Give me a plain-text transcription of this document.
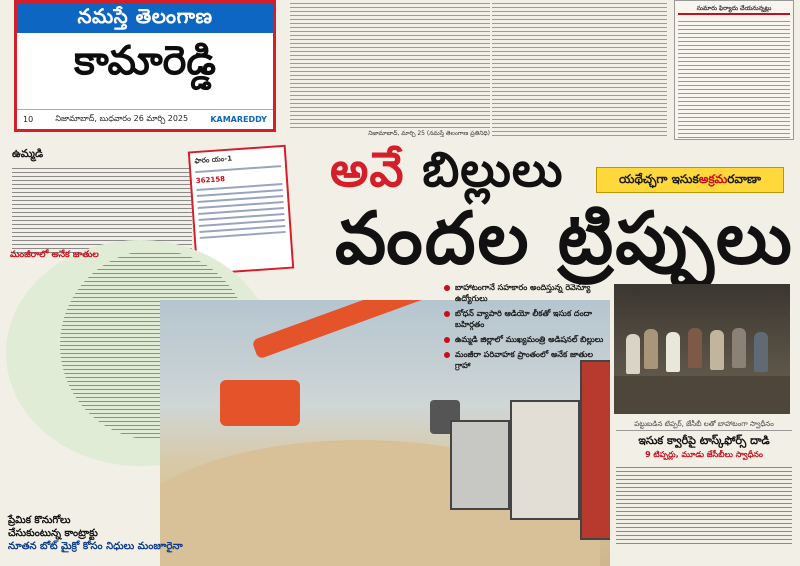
నమస్తే తెలంగాణ
కామారెడ్డి
10	నిజామాబాద్, బుధవారం 26 మార్చి 2025	KAMAREDDY
నిజామాబాద్, మార్చి 25 (నమస్తే తెలంగాణ ప్రతినిధి)
సుమారు ఫిర్యాదు చేయనున్నట్లు
ఉమ్మడి	ఫారం యం-1
362158	అవే బిల్లులు
వందల ట్రిప్పులు
యథేచ్ఛగా ఇసుక అక్రమ రవాణా
మంజీరాలో అనేక జాతుల
బాహాటంగానే సహకారం అందిస్తున్న రెవెన్యూ ఉద్యోగులు
బోధన్ వ్యాపారి ఆడియో లీకతో ఇసుక దందా బహిర్గతం
ఉమ్మడి జిల్లాలో ముఖ్యమంత్రి అడిషనల్ బిల్లులు
మంజీరా పరివాహక ప్రాంతంలో అనేక జాతుల గ్రాహా
పట్టుబడిన టిప్పర్, జేసీబీ లతో బాహాటంగా స్వాధీనం
ఇసుక క్వారీపై టాస్క్‌ఫోర్స్ దాడి
9 టిప్పర్లు, మూడు జేసీబీలు స్వాధీనం
ప్రేమిక కొనుగోలు
చేసుకుంటున్న కాంట్రాక్టు
నూతన బోట్ మైక్రో కోసం నిధులు మంజూరైనా
